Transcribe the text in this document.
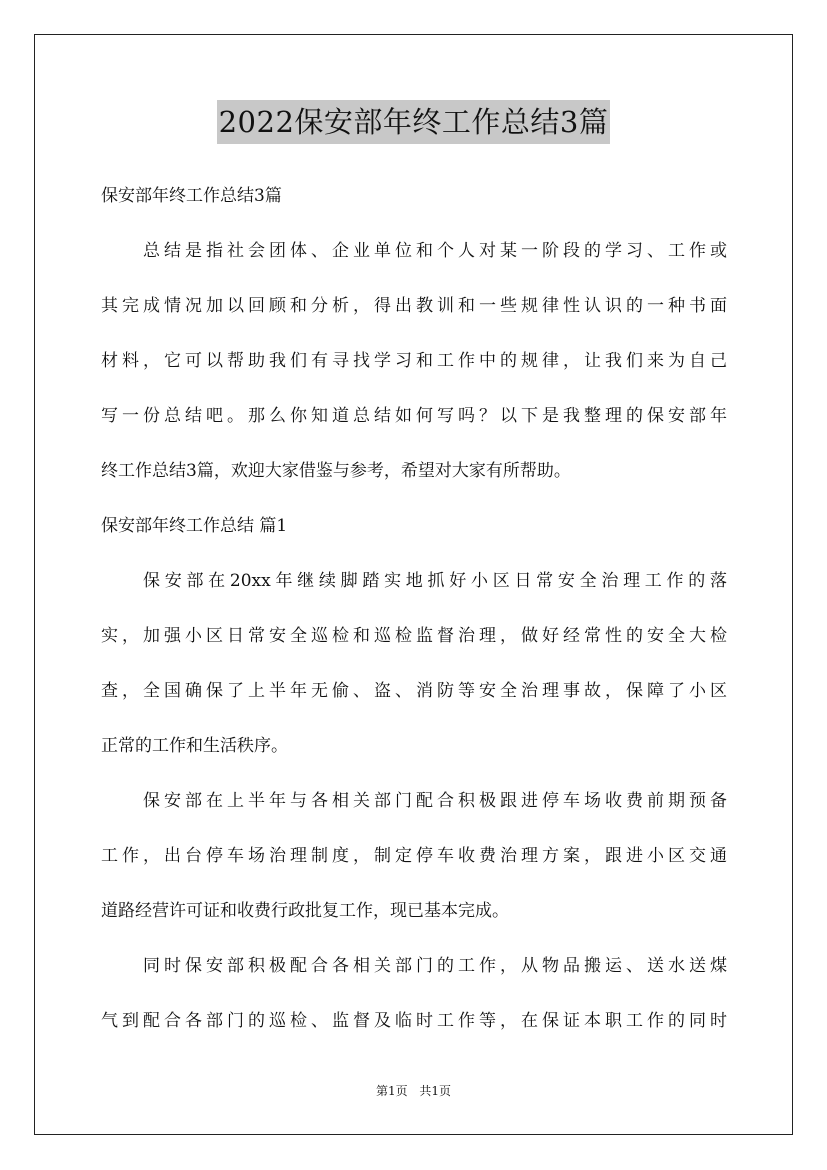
2022保安部年终工作总结3篇
保安部年终工作总结3篇
总结是指社会团体、企业单位和个人对某一阶段的学习、工作或
其完成情况加以回顾和分析，得出教训和一些规律性认识的一种书面
材料，它可以帮助我们有寻找学习和工作中的规律，让我们来为自己
写一份总结吧。那么你知道总结如何写吗？以下是我整理的保安部年
终工作总结3篇，欢迎大家借鉴与参考，希望对大家有所帮助。
保安部年终工作总结 篇1
保安部在20xx年继续脚踏实地抓好小区日常安全治理工作的落
实，加强小区日常安全巡检和巡检监督治理，做好经常性的安全大检
查，全国确保了上半年无偷、盗、消防等安全治理事故，保障了小区
正常的工作和生活秩序。
保安部在上半年与各相关部门配合积极跟进停车场收费前期预备
工作，出台停车场治理制度，制定停车收费治理方案，跟进小区交通
道路经营许可证和收费行政批复工作，现已基本完成。
同时保安部积极配合各相关部门的工作，从物品搬运、送水送煤
气到配合各部门的巡检、监督及临时工作等，在保证本职工作的同时
第1页 共1页
